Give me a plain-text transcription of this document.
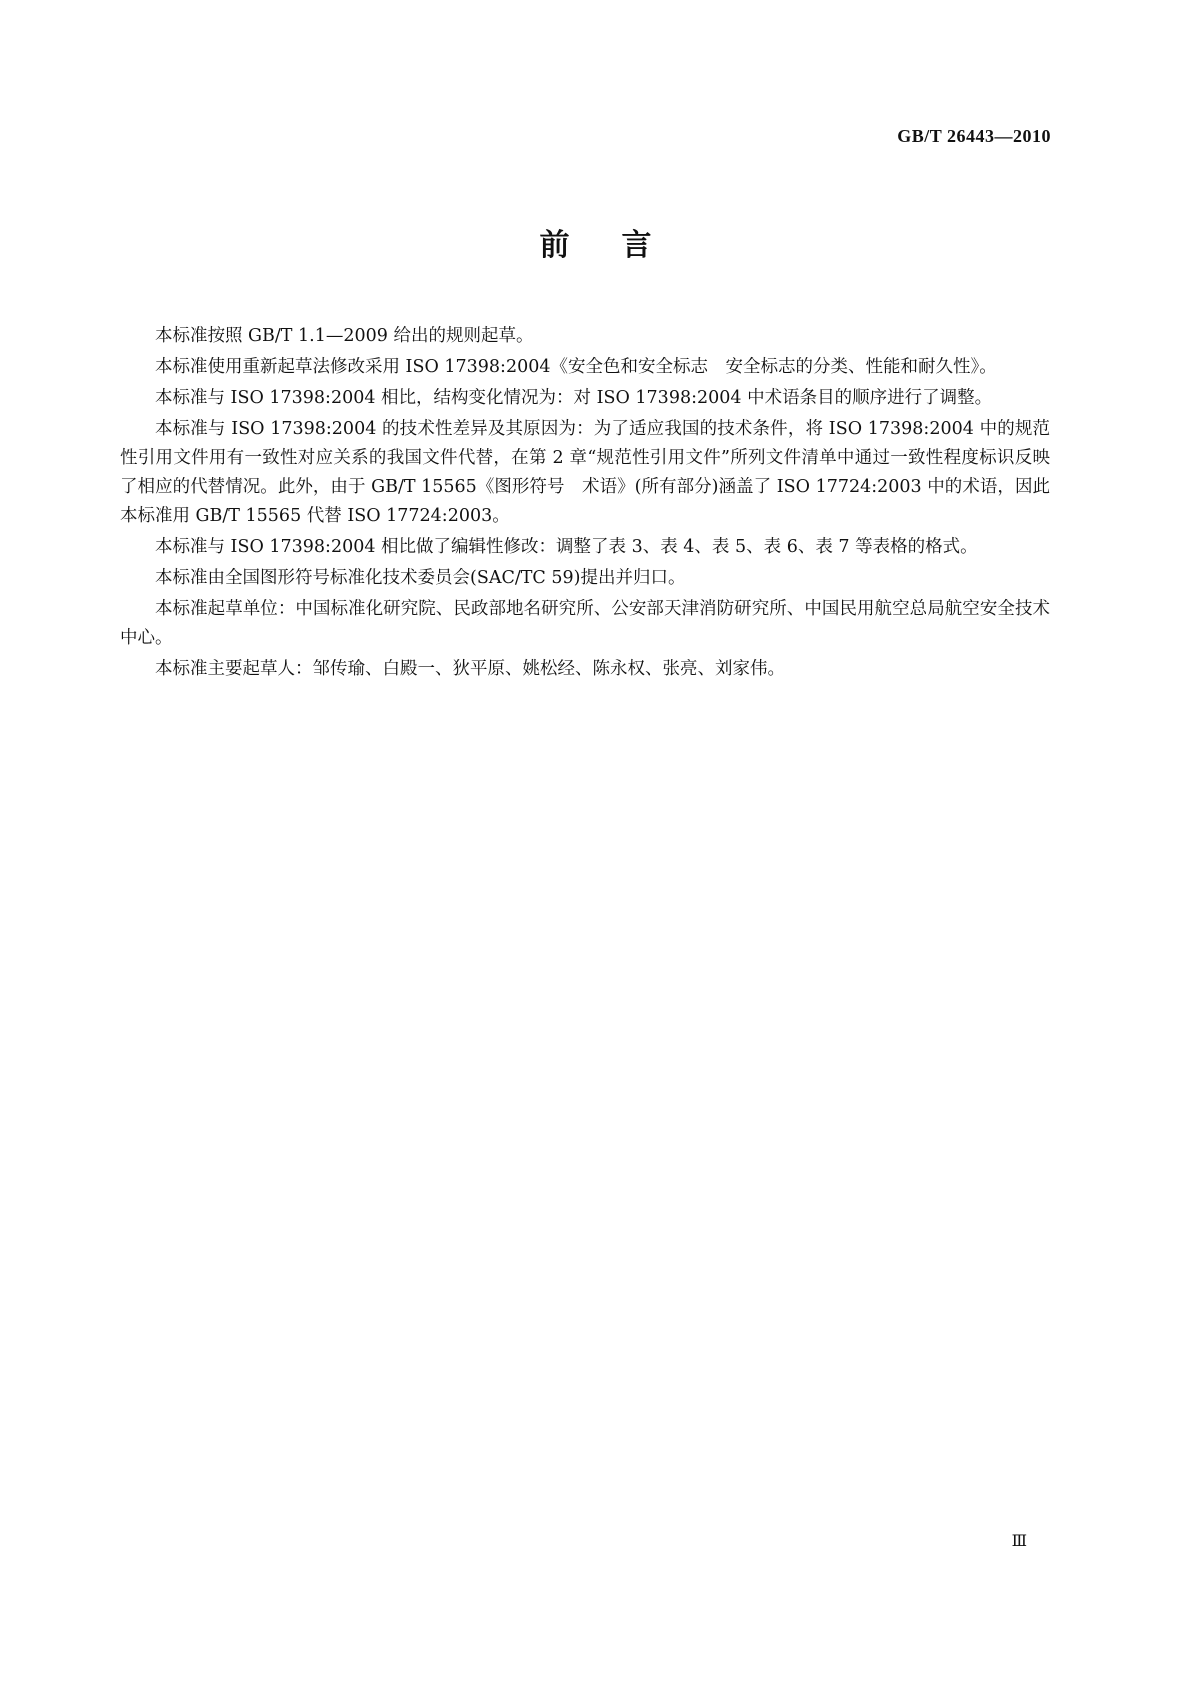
GB/T 26443—2010
前言

本标准按照 GB/T 1.1—2009 给出的规则起草。

本标准使用重新起草法修改采用 ISO 17398:2004《安全色和安全标志　安全标志的分类、性能和耐久性》。

本标准与 ISO 17398:2004 相比，结构变化情况为：对 ISO 17398:2004 中术语条目的顺序进行了调整。

本标准与 ISO 17398:2004 的技术性差异及其原因为：为了适应我国的技术条件，将 ISO 17398:2004 中的规范性引用文件用有一致性对应关系的我国文件代替，在第 2 章“规范性引用文件”所列文件清单中通过一致性程度标识反映了相应的代替情况。此外，由于 GB/T 15565《图形符号　术语》(所有部分)涵盖了 ISO 17724:2003 中的术语，因此本标准用 GB/T 15565 代替 ISO 17724:2003。

本标准与 ISO 17398:2004 相比做了编辑性修改：调整了表 3、表 4、表 5、表 6、表 7 等表格的格式。

本标准由全国图形符号标准化技术委员会(SAC/TC 59)提出并归口。

本标准起草单位：中国标准化研究院、民政部地名研究所、公安部天津消防研究所、中国民用航空总局航空安全技术中心。

本标准主要起草人：邹传瑜、白殿一、狄平原、姚松经、陈永权、张亮、刘家伟。

Ⅲ
